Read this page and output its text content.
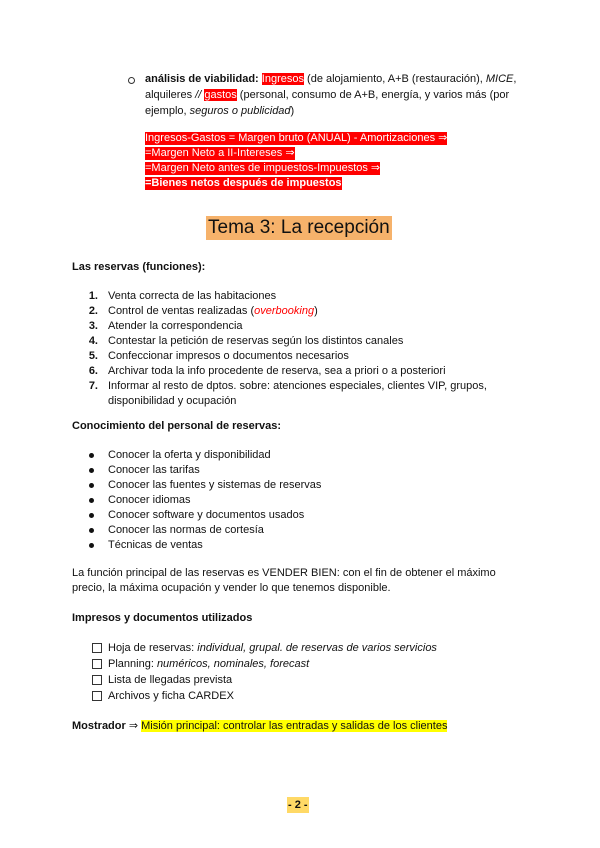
análisis de viabilidad: Ingresos (de alojamiento, A+B (restauración), MICE,
alquileres // gastos (personal, consumo de A+B, energía, y varios más (por
ejemplo, seguros o publicidad)
Ingresos-Gastos = Margen bruto (ANUAL) - Amortizaciones ⇒
=Margen Neto a II-Intereses ⇒
=Margen Neto antes de impuestos-Impuestos ⇒
=Bienes netos después de impuestos
Tema 3: La recepción
Las reservas (funciones):
1. Venta correcta de las habitaciones
2. Control de ventas realizadas (overbooking)
3. Atender la correspondencia
4. Contestar la petición de reservas según los distintos canales
5. Confeccionar impresos o documentos necesarios
6. Archivar toda la info procedente de reserva, sea a priori o a posteriori
7. Informar al resto de dptos. sobre: atenciones especiales, clientes VIP, grupos,
disponibilidad y ocupación
Conocimiento del personal de reservas:
Conocer la oferta y disponibilidad
Conocer las tarifas
Conocer las fuentes y sistemas de reservas
Conocer idiomas
Conocer software y documentos usados
Conocer las normas de cortesía
Técnicas de ventas
La función principal de las reservas es VENDER BIEN: con el fin de obtener el máximo
precio, la máxima ocupación y vender lo que tenemos disponible.
Impresos y documentos utilizados
Hoja de reservas: individual, grupal. de reservas de varios servicios
Planning: numéricos, nominales, forecast
Lista de llegadas prevista
Archivos y ficha CARDEX
Mostrador ⇒ Misión principal: controlar las entradas y salidas de los clientes
- 2 -
